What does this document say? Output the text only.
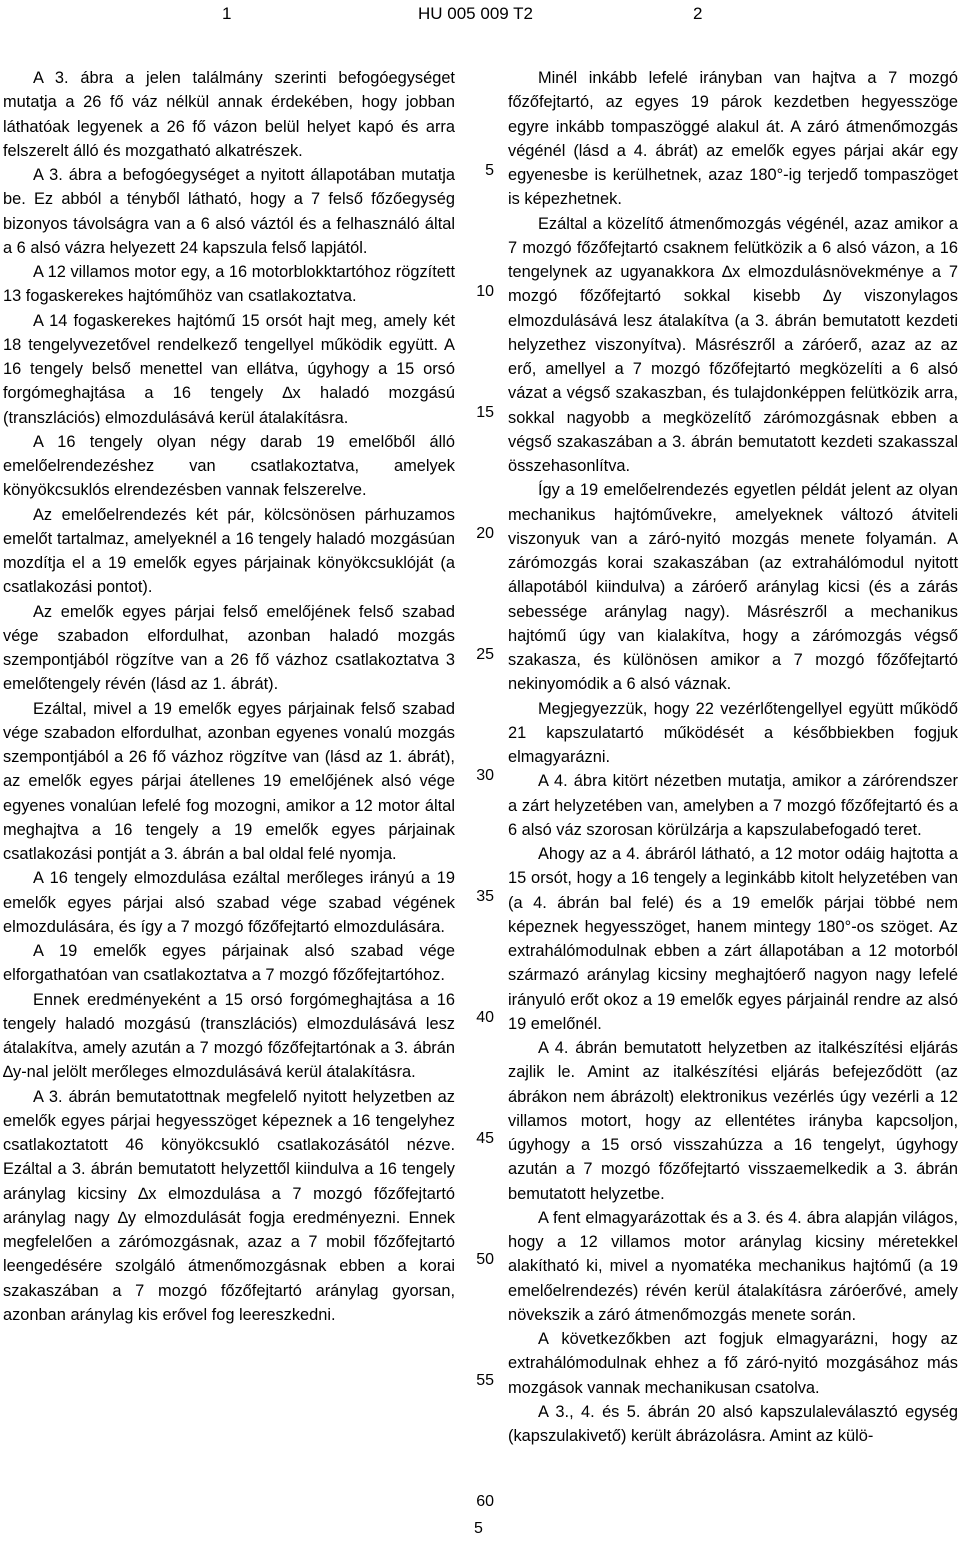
1	HU 005 009 T2	2

A 3. ábra a jelen találmány szerinti befogóegységet mutatja a 26 fő váz nélkül annak érdekében, hogy jobban láthatóak legyenek a 26 fő vázon belül helyet kapó és arra felszerelt álló és mozgatható alkatrészek.

A 3. ábra a befogóegységet a nyitott állapotában mutatja be. Ez abból a tényből látható, hogy a 7 felső főzőegység bizonyos távolságra van a 6 alsó váztól és a felhasználó által a 6 alsó vázra helyezett 24 kapszula felső lapjától.

A 12 villamos motor egy, a 16 motorblokktartóhoz rögzített 13 fogaskerekes hajtóműhöz van csatlakoztatva.

A 14 fogaskerekes hajtómű 15 orsót hajt meg, amely két 18 tengelyvezetővel rendelkező tengellyel működik együtt. A 16 tengely belső menettel van ellátva, úgyhogy a 15 orsó forgómeghajtása a 16 tengely ∆x haladó mozgású (transzlációs) elmozdulásává kerül átalakításra.

A 16 tengely olyan négy darab 19 emelőből álló emelőelrendezéshez van csatlakoztatva, amelyek könyökcsuklós elrendezésben vannak felszerelve.

Az emelőelrendezés két pár, kölcsönösen párhuzamos emelőt tartalmaz, amelyeknél a 16 tengely haladó mozgásúan mozdítja el a 19 emelők egyes párjainak könyökcsuklóját (a csatlakozási pontot).

Az emelők egyes párjai felső emelőjének felső szabad vége szabadon elfordulhat, azonban haladó mozgás szempontjából rögzítve van a 26 fő vázhoz csatlakoztatva 3 emelőtengely révén (lásd az 1. ábrát).

Ezáltal, mivel a 19 emelők egyes párjainak felső szabad vége szabadon elfordulhat, azonban egyenes vonalú mozgás szempontjából a 26 fő vázhoz rögzítve van (lásd az 1. ábrát), az emelők egyes párjai átellenes 19 emelőjének alsó vége egyenes vonalúan lefelé fog mozogni, amikor a 12 motor által meghajtva a 16 tengely a 19 emelők egyes párjainak csatlakozási pontját a 3. ábrán a bal oldal felé nyomja.

A 16 tengely elmozdulása ezáltal merőleges irányú a 19 emelők egyes párjai alsó szabad vége szabad végének elmozdulására, és így a 7 mozgó főzőfejtartó elmozdulására.

A 19 emelők egyes párjainak alsó szabad vége elforgathatóan van csatlakoztatva a 7 mozgó főzőfejtartóhoz.

Ennek eredményeként a 15 orsó forgómeghajtása a 16 tengely haladó mozgású (transzlációs) elmozdulásává lesz átalakítva, amely azután a 7 mozgó főzőfejtartónak a 3. ábrán ∆y-nal jelölt merőleges elmozdulásává kerül átalakításra.

A 3. ábrán bemutatottnak megfelelő nyitott helyzetben az emelők egyes párjai hegyesszöget képeznek a 16 tengelyhez csatlakoztatott 46 könyökcsukló csatlakozásától nézve. Ezáltal a 3. ábrán bemutatott helyzettől kiindulva a 16 tengely aránylag kicsiny ∆x elmozdulása a 7 mozgó főzőfejtartó aránylag nagy ∆y elmozdulását fogja eredményezni. Ennek megfelelően a zárómozgásnak, azaz a 7 mobil főzőfejtartó leengedésére szolgáló átmenőmozgásnak ebben a korai szakaszában a 7 mozgó főzőfejtartó aránylag gyorsan, azonban aránylag kis erővel fog leereszkedni.

5
10
15
20
25
30
35
40
45
50
55
60

Minél inkább lefelé irányban van hajtva a 7 mozgó főzőfejtartó, az egyes 19 párok kezdetben hegyesszöge egyre inkább tompaszöggé alakul át. A záró átmenőmozgás végénél (lásd a 4. ábrát) az emelők egyes párjai akár egy egyenesbe is kerülhetnek, azaz 180°-ig terjedő tompaszöget is képezhetnek.

Ezáltal a közelítő átmenőmozgás végénél, azaz amikor a 7 mozgó főzőfejtartó csaknem felütközik a 6 alsó vázon, a 16 tengelynek az ugyanakkora ∆x elmozdulásnövekménye a 7 mozgó főzőfejtartó sokkal kisebb ∆y viszonylagos elmozdulásává lesz átalakítva (a 3. ábrán bemutatott kezdeti helyzethez viszonyítva). Másrészről a záróerő, azaz az az erő, amellyel a 7 mozgó főzőfejtartó megközelíti a 6 alsó vázat a végső szakaszban, és tulajdonképpen felütközik arra, sokkal nagyobb a megközelítő zárómozgásnak ebben a végső szakaszában a 3. ábrán bemutatott kezdeti szakasszal összehasonlítva.

Így a 19 emelőelrendezés egyetlen példát jelent az olyan mechanikus hajtóművekre, amelyeknek változó átviteli viszonyuk van a záró-nyitó mozgás menete folyamán. A zárómozgás korai szakaszában (az extrahálómodul nyitott állapotából kiindulva) a záróerő aránylag kicsi (és a zárás sebessége aránylag nagy). Másrészről a mechanikus hajtómű úgy van kialakítva, hogy a zárómozgás végső szakasza, és különösen amikor a 7 mozgó főzőfejtartó nekinyomódik a 6 alsó váznak.

Megjegyezzük, hogy 22 vezérlőtengellyel együtt működő 21 kapszulatartó működését a későbbiekben fogjuk elmagyarázni.

A 4. ábra kitört nézetben mutatja, amikor a zárórendszer a zárt helyzetében van, amelyben a 7 mozgó főzőfejtartó és a 6 alsó váz szorosan körülzárja a kapszulabefogadó teret.

Ahogy az a 4. ábráról látható, a 12 motor odáig hajtotta a 15 orsót, hogy a 16 tengely a leginkább kitolt helyzetében van (a 4. ábrán bal felé) és a 19 emelők párjai többé nem képeznek hegyesszöget, hanem mintegy 180°-os szöget. Az extrahálómodulnak ebben a zárt állapotában a 12 motorból származó aránylag kicsiny meghajtóerő nagyon nagy lefelé irányuló erőt okoz a 19 emelők egyes párjainál rendre az alsó 19 emelőnél.

A 4. ábrán bemutatott helyzetben az italkészítési eljárás zajlik le. Amint az italkészítési eljárás befejeződött (az ábrákon nem ábrázolt) elektronikus vezérlés úgy vezérli a 12 villamos motort, hogy az ellentétes irányba kapcsoljon, úgyhogy a 15 orsó visszahúzza a 16 tengelyt, úgyhogy azután a 7 mozgó főzőfejtartó visszaemelkedik a 3. ábrán bemutatott helyzetbe.

A fent elmagyarázottak és a 3. és 4. ábra alapján világos, hogy a 12 villamos motor aránylag kicsiny méretekkel alakítható ki, mivel a nyomatéka mechanikus hajtómű (a 19 emelőelrendezés) révén kerül átalakításra záróerővé, amely növekszik a záró átmenőmozgás menete során.

A következőkben azt fogjuk elmagyarázni, hogy az extrahálómodulnak ehhez a fő záró-nyitó mozgásához más mozgások vannak mechanikusan csatolva.

A 3., 4. és 5. ábrán 20 alsó kapszulaleválasztó egység (kapszulakivető) került ábrázolásra. Amint az külö-

5
